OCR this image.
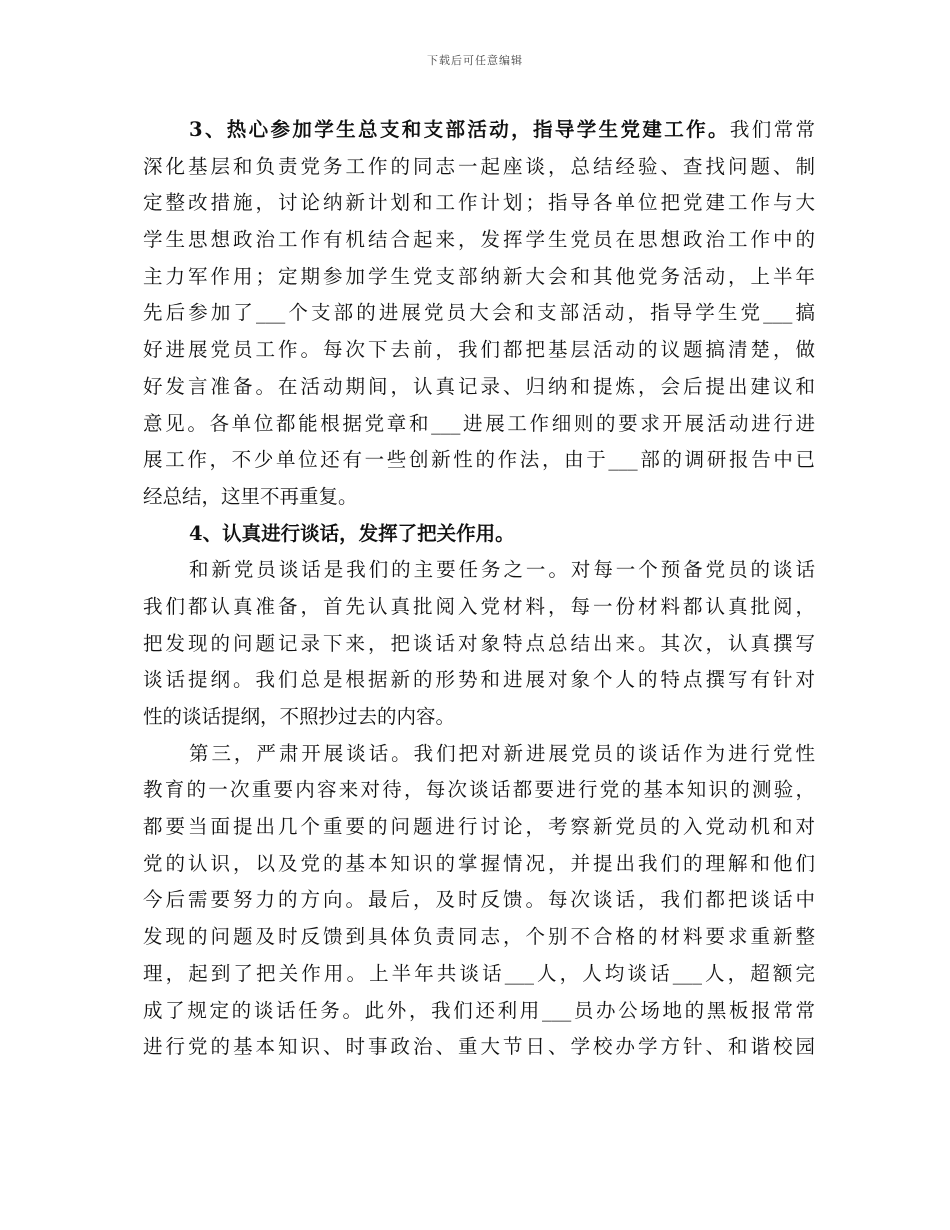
下载后可任意编辑
3、热心参加学生总支和支部活动，指导学生党建工作。我们常常
深化基层和负责党务工作的同志一起座谈，总结经验、查找问题、制
定整改措施，讨论纳新计划和工作计划；指导各单位把党建工作与大
学生思想政治工作有机结合起来，发挥学生党员在思想政治工作中的
主力军作用；定期参加学生党支部纳新大会和其他党务活动，上半年
先后参加了___个支部的进展党员大会和支部活动，指导学生党___搞
好进展党员工作。每次下去前，我们都把基层活动的议题搞清楚，做
好发言准备。在活动期间，认真记录、归纳和提炼，会后提出建议和
意见。各单位都能根据党章和___进展工作细则的要求开展活动进行进
展工作，不少单位还有一些创新性的作法，由于___部的调研报告中已
经总结，这里不再重复。
4、认真进行谈话，发挥了把关作用。
和新党员谈话是我们的主要任务之一。对每一个预备党员的谈话
我们都认真准备，首先认真批阅入党材料，每一份材料都认真批阅，
把发现的问题记录下来，把谈话对象特点总结出来。其次，认真撰写
谈话提纲。我们总是根据新的形势和进展对象个人的特点撰写有针对
性的谈话提纲，不照抄过去的内容。
第三，严肃开展谈话。我们把对新进展党员的谈话作为进行党性
教育的一次重要内容来对待，每次谈话都要进行党的基本知识的测验，
都要当面提出几个重要的问题进行讨论，考察新党员的入党动机和对
党的认识，以及党的基本知识的掌握情况，并提出我们的理解和他们
今后需要努力的方向。最后，及时反馈。每次谈话，我们都把谈话中
发现的问题及时反馈到具体负责同志，个别不合格的材料要求重新整
理，起到了把关作用。上半年共谈话___人，人均谈话___人，超额完
成了规定的谈话任务。此外，我们还利用___员办公场地的黑板报常常
进行党的基本知识、时事政治、重大节日、学校办学方针、和谐校园
